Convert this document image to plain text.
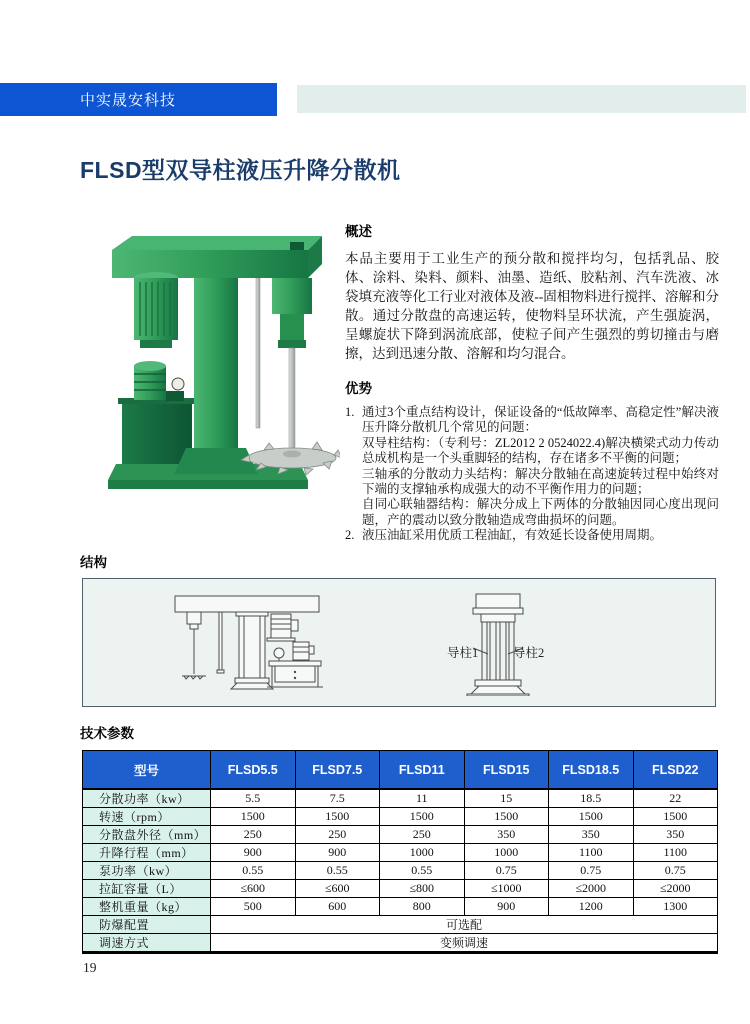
中实晟安科技
FLSD型双导柱液压升降分散机
概述

本品主要用于工业生产的预分散和搅拌均匀，包括乳品、胶体、涂料、染料、颜料、油墨、造纸、胶粘剂、汽车洗液、冰袋填充液等化工行业对液体及液--固相物料进行搅拌、溶解和分散。通过分散盘的高速运转，使物料呈环状流，产生强旋涡，呈螺旋状下降到涡流底部，使粒子间产生强烈的剪切撞击与磨擦，达到迅速分散、溶解和均匀混合。

优势
1. 通过3个重点结构设计，保证设备的“低故障率、高稳定性”解决液压升降分散机几个常见的问题：
双导柱结构：（专利号：ZL2012 2 0524022.4)解决横梁式动力传动总成机构是一个头重脚轻的结构，存在诸多不平衡的问题；
三轴承的分散动力头结构：解决分散轴在高速旋转过程中始终对下端的支撑轴承构成强大的动不平衡作用力的问题；
自同心联轴器结构：解决分成上下两体的分散轴因同心度出现问题，产的震动以致分散轴造成弯曲损坏的问题。
2. 液压油缸采用优质工程油缸，有效延长设备使用周期。
结构
导柱1	导柱2
技术参数
型号	FLSD5.5	FLSD7.5	FLSD11	FLSD15	FLSD18.5	FLSD22
分散功率（kw）	5.5	7.5	11	15	18.5	22
转速（rpm）	1500	1500	1500	1500	1500	1500
分散盘外径（mm）	250	250	250	350	350	350
升降行程（mm）	900	900	1000	1000	1100	1100
泵功率（kw）	0.55	0.55	0.55	0.75	0.75	0.75
拉缸容量（L）	≤600	≤600	≤800	≤1000	≤2000	≤2000
整机重量（kg）	500	600	800	900	1200	1300
防爆配置	可选配					
调速方式	变频调速					
19
